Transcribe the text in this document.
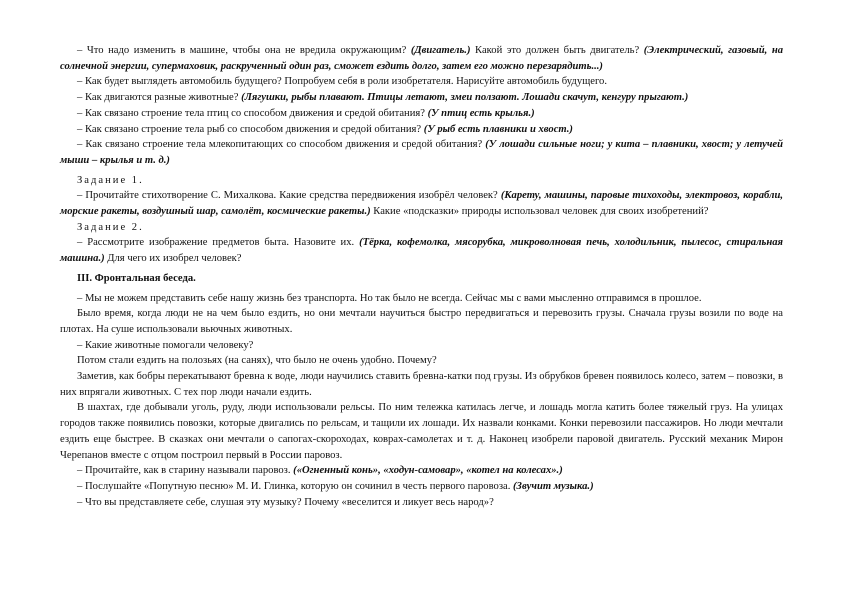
– Что надо изменить в машине, чтобы она не вредила окружающим? (Двигатель.) Какой это должен быть двигатель? (Электрический, газовый, на солнечной энергии, супермаховик, раскрученный один раз, сможет ездить долго, затем его можно перезарядить...)

– Как будет выглядеть автомобиль будущего? Попробуем себя в роли изобретателя. Нарисуйте автомобиль будущего.

– Как двигаются разные животные? (Лягушки, рыбы плавают. Птицы летают, змеи ползают. Лошади скачут, кенгуру прыгают.)

– Как связано строение тела птиц со способом движения и средой обитания? (У птиц есть крылья.)

– Как связано строение тела рыб со способом движения и средой обитания? (У рыб есть плавники и хвост.)

– Как связано строение тела млекопитающих со способом движения и средой обитания? (У лошади сильные ноги; у кита – плавники, хвост; у летучей мыши – крылья и т. д.)

Задание 1.

– Прочитайте стихотворение С. Михалкова. Какие средства передвижения изобрёл человек? (Карету, машины, паровые тихоходы, электровоз, корабли, морские ракеты, воздушный шар, самолёт, космические ракеты.) Какие «подсказки» природы использовал человек для своих изобретений?

Задание 2.

– Рассмотрите изображение предметов быта. Назовите их. (Тёрка, кофемолка, мясорубка, микроволновая печь, холодильник, пылесос, стиральная машина.) Для чего их изобрел человек?

III. Фронтальная беседа.

– Мы не можем представить себе нашу жизнь без транспорта. Но так было не всегда. Сейчас мы с вами мысленно отправимся в прошлое.

Было время, когда люди не на чем было ездить, но они мечтали научиться быстро передвигаться и перевозить грузы. Сначала грузы возили по воде на плотах. На суше использовали вьючных животных.

– Какие животные помогали человеку?

Потом стали ездить на полозьях (на санях), что было не очень удобно. Почему?

Заметив, как бобры перекатывают бревна к воде, люди научились ставить бревна-катки под грузы. Из обрубков бревен появилось колесо, затем – повозки, в них впрягали животных. С тех пор люди начали ездить.

В шахтах, где добывали уголь, руду, люди использовали рельсы. По ним тележка катилась легче, и лошадь могла катить более тяжелый груз. На улицах городов также появились повозки, которые двигались по рельсам, и тащили их лошади. Их назвали конками. Конки перевозили пассажиров. Но люди мечтали ездить еще быстрее. В сказках они мечтали о сапогах-скороходах, коврах-самолетах и т. д. Наконец изобрели паровой двигатель. Русский механик Мирон Черепанов вместе с отцом построил первый в России паровоз.

– Прочитайте, как в старину называли паровоз. («Огненный конь», «ходун-самовар», «котел на колесах».)

– Послушайте «Попутную песню» М. И. Глинка, которую он сочинил в честь первого паровоза. (Звучит музыка.)

– Что вы представляете себе, слушая эту музыку? Почему «веселится и ликует весь народ»?
